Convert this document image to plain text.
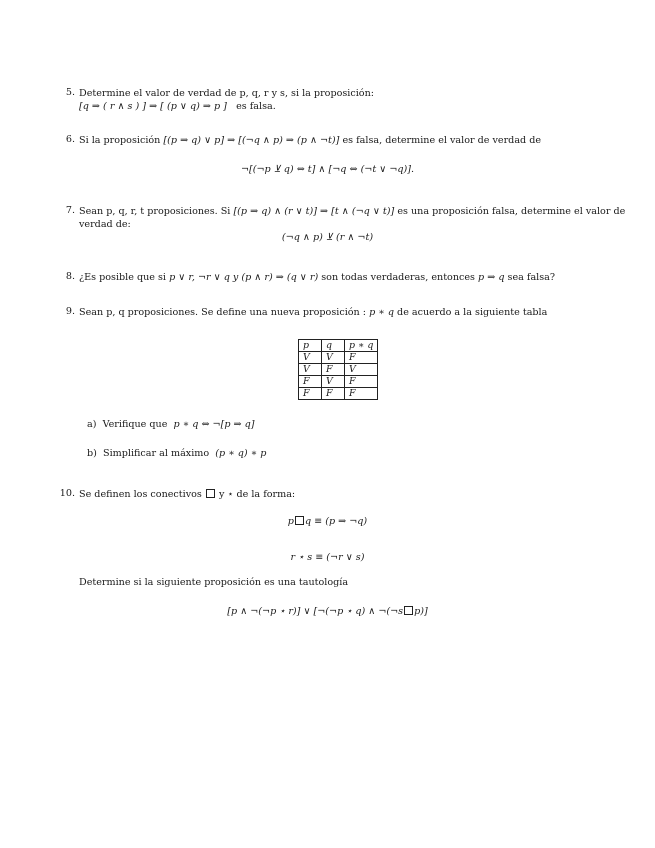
5. Determine el valor de verdad de p, q, r y s, si la proposición:
[q ⇒ ( r ∧ s ) ] ⇒ [ (p ∨ q) ⇒ p ] es falsa.
6. Si la proposición [(p ⇒ q) ∨ p] ⇒ [(¬q ∧ p) ⇒ (p ∧ ¬t)] es falsa, determine el valor de verdad de
¬[(¬p ⊻ q) ⇔ t] ∧ [¬q ⇔ (¬t ∨ ¬q)].
7. Sean p, q, r, t proposiciones. Si [(p ⇒ q) ∧ (r ∨ t)] ⇒ [t ∧ (¬q ∨ t)] es una proposición falsa, determine el valor de
verdad de:
(¬q ∧ p) ⊻ (r ∧ ¬t)
8. ¿Es posible que si p ∨ r, ¬r ∨ q y (p ∧ r) ⇒ (q ∨ r) son todas verdaderas, entonces p ⇒ q sea falsa?
9. Sean p, q proposiciones. Se define una nueva proposición : p ∗ q de acuerdo a la siguiente tabla
p	q	p ∗ q
V	V	F
V	F	V
F	V	F
F	F	F
a) Verifique que p ∗ q ⇔ ¬[p ⇒ q]
b) Simplificar al máximo (p ∗ q) ∗ p
10. Se definen los conectivos y ⋆ de la forma:
p q ≡ (p ⇒ ¬q)
r ⋆ s ≡ (¬r ∨ s)
Determine si la siguiente proposición es una tautología
[p ∧ ¬(¬p ⋆ r)] ∨ [¬(¬p ⋆ q) ∧ ¬(¬s p)]
